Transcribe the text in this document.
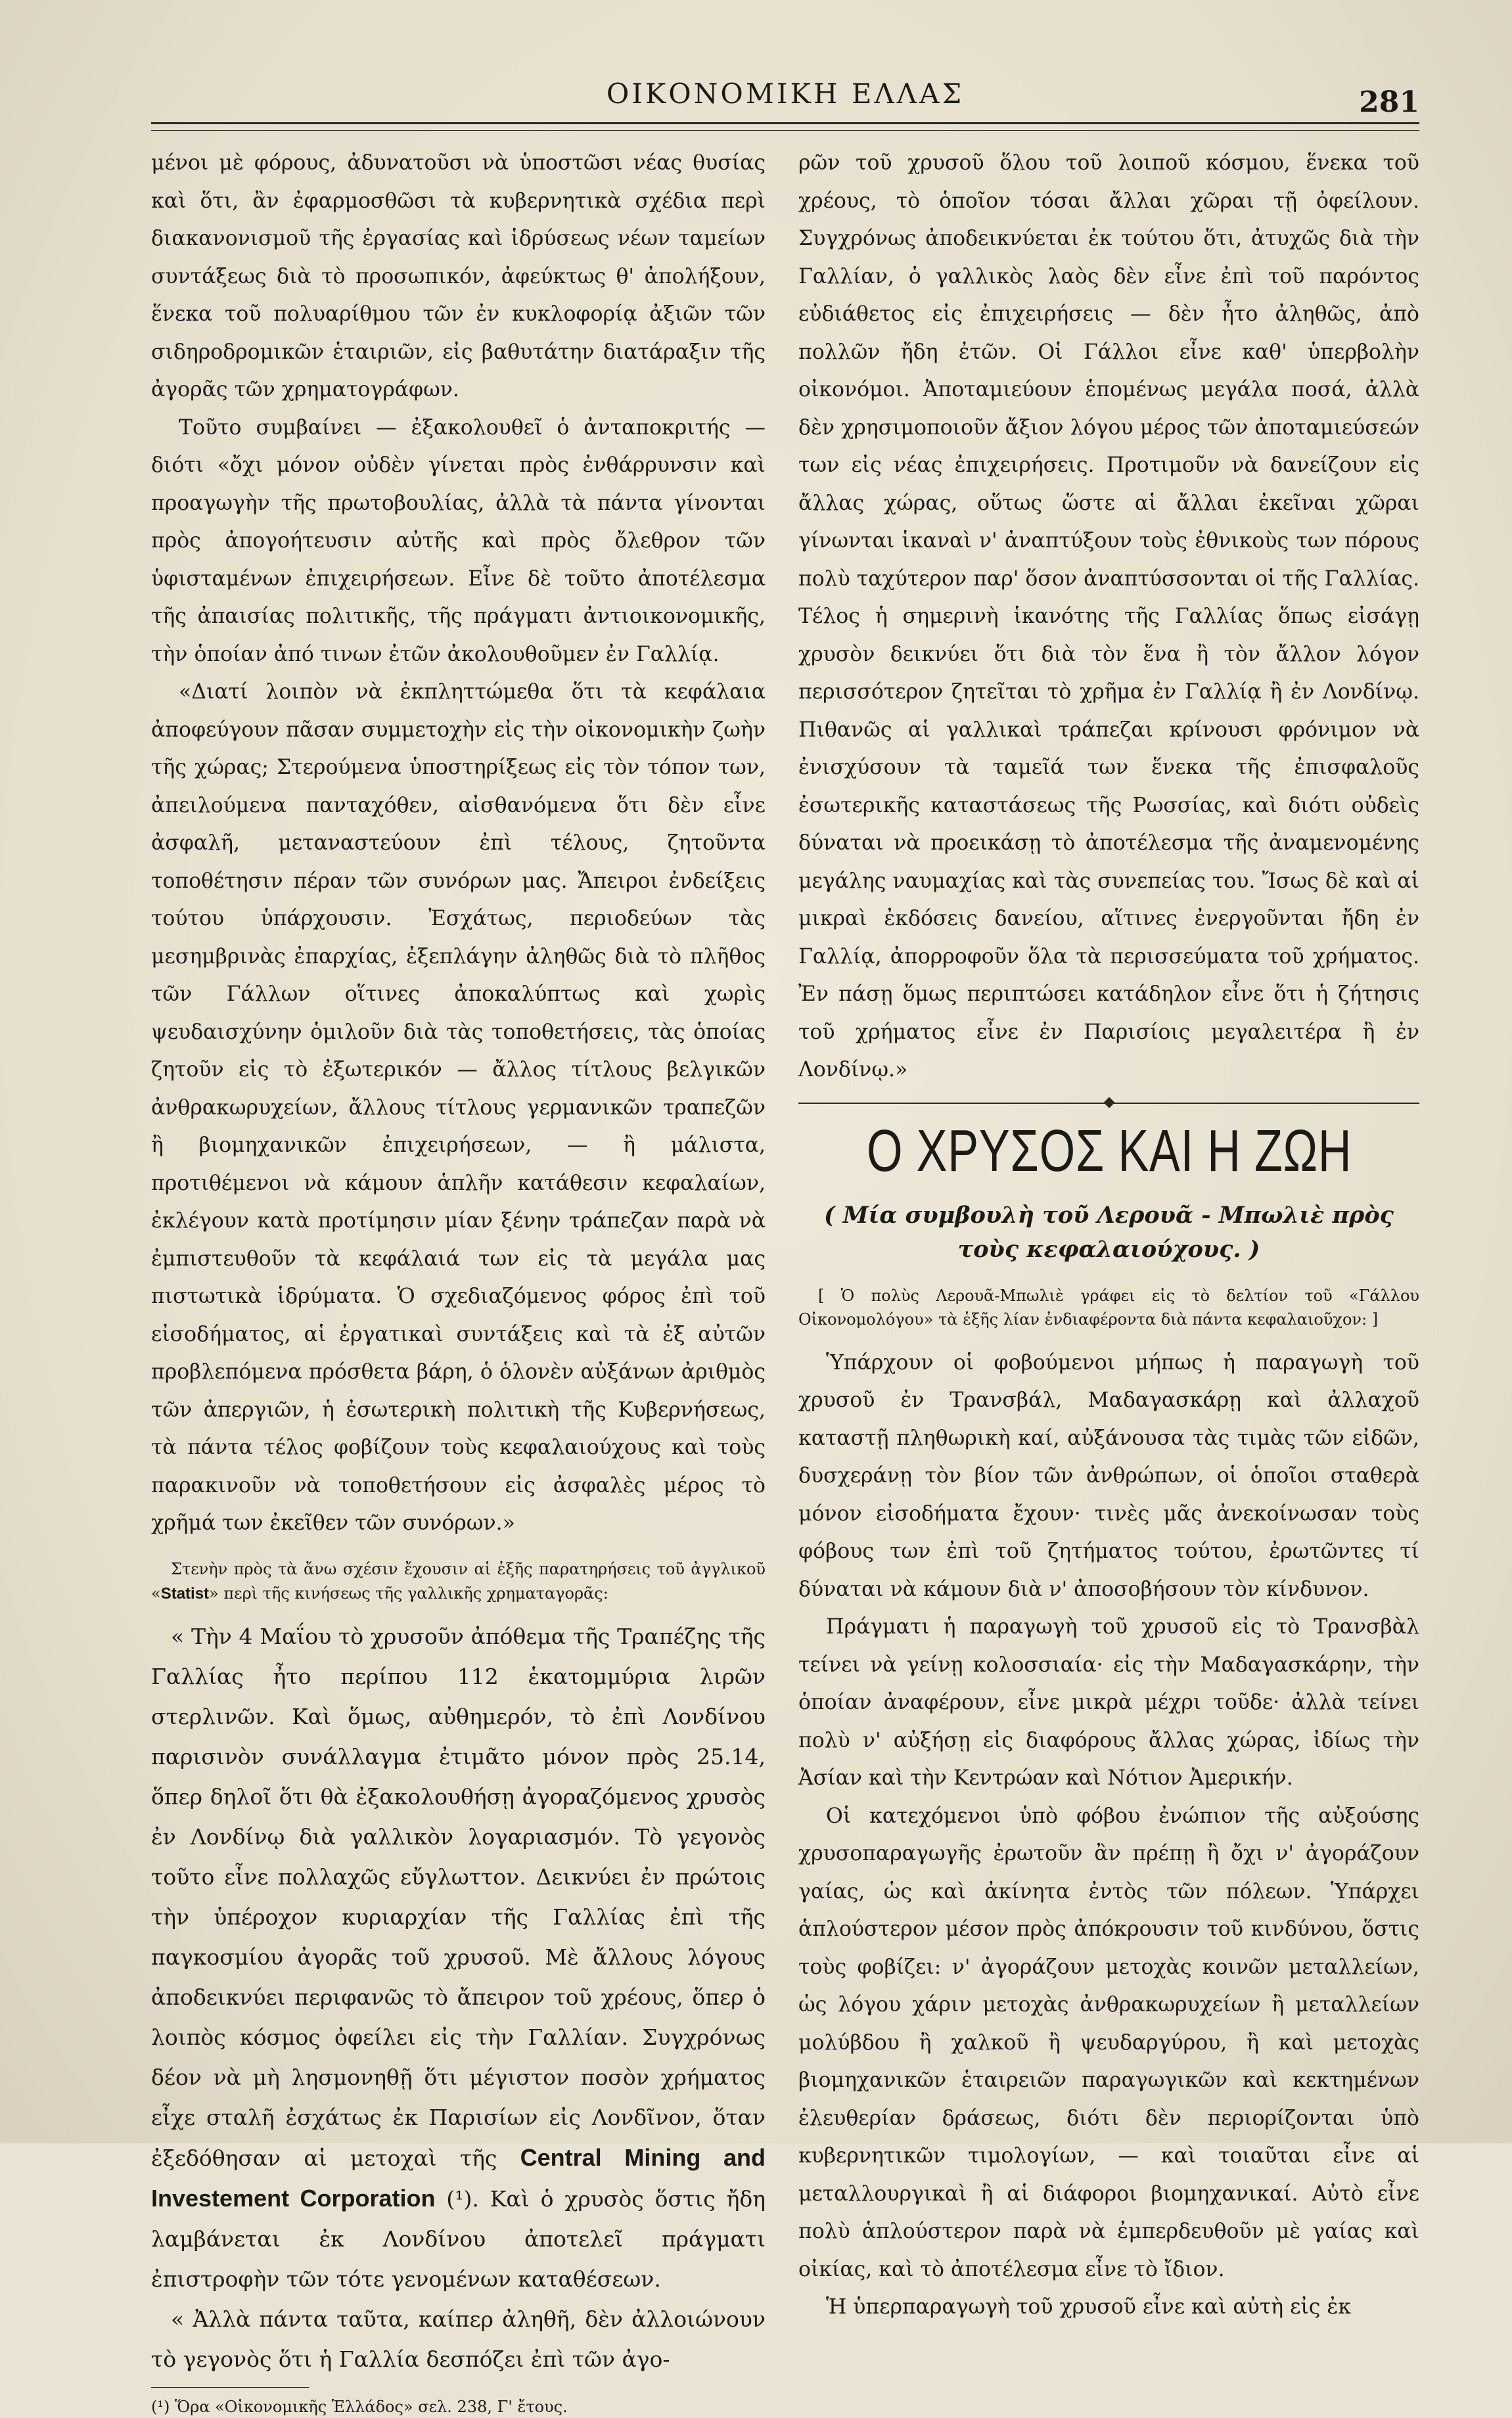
ΟΙΚΟΝΟΜΙΚΗ ΕΛΛΑΣ	281

μένοι μὲ φόρους, ἀδυνατοῦσι νὰ ὑποστῶσι νέας θυσίας καὶ ὅτι, ἂν ἐφαρμοσθῶσι τὰ κυβερνητικὰ σχέδια περὶ διακανονισμοῦ τῆς ἐργασίας καὶ ἱδρύσεως νέων ταμείων συντάξεως διὰ τὸ προσωπικόν, ἀφεύκτως θ' ἀπολήξουν, ἕνεκα τοῦ πολυαρίθμου τῶν ἐν κυκλοφορίᾳ ἀξιῶν τῶν σιδηροδρομικῶν ἑταιριῶν, εἰς βαθυτάτην διατάραξιν τῆς ἀγορᾶς τῶν χρηματογράφων.

Τοῦτο συμβαίνει — ἐξακολουθεῖ ὁ ἀνταποκριτής — διότι «ὄχι μόνον οὐδὲν γίνεται πρὸς ἐνθάρρυνσιν καὶ προαγωγὴν τῆς πρωτοβουλίας, ἀλλὰ τὰ πάντα γίνονται πρὸς ἀπογοήτευσιν αὐτῆς καὶ πρὸς ὄλεθρον τῶν ὑφισταμένων ἐπιχειρήσεων. Εἶνε δὲ τοῦτο ἀποτέλεσμα τῆς ἀπαισίας πολιτικῆς, τῆς πράγματι ἀντιοικονομικῆς, τὴν ὁποίαν ἀπό τινων ἐτῶν ἀκολουθοῦμεν ἐν Γαλλίᾳ.

«Διατί λοιπὸν νὰ ἐκπληττώμεθα ὅτι τὰ κεφάλαια ἀποφεύγουν πᾶσαν συμμετοχὴν εἰς τὴν οἰκονομικὴν ζωὴν τῆς χώρας; Στερούμενα ὑποστηρίξεως εἰς τὸν τόπον των, ἀπειλούμενα πανταχόθεν, αἰσθανόμενα ὅτι δὲν εἶνε ἀσφαλῆ, μεταναστεύουν ἐπὶ τέλους, ζητοῦντα τοποθέτησιν πέραν τῶν συνόρων μας. Ἄπειροι ἐνδείξεις τούτου ὑπάρχουσιν. Ἐσχάτως, περιοδεύων τὰς μεσημβρινὰς ἐπαρχίας, ἐξεπλάγην ἀληθῶς διὰ τὸ πλῆθος τῶν Γάλλων οἵτινες ἀποκαλύπτως καὶ χωρὶς ψευδαισχύνην ὁμιλοῦν διὰ τὰς τοποθετήσεις, τὰς ὁποίας ζητοῦν εἰς τὸ ἐξωτερικόν — ἄλλος τίτλους βελγικῶν ἀνθρακωρυχείων, ἄλλους τίτλους γερμανικῶν τραπεζῶν ἢ βιομηχανικῶν ἐπιχειρήσεων, — ἢ μάλιστα, προτιθέμενοι νὰ κάμουν ἁπλῆν κατάθεσιν κεφαλαίων, ἐκλέγουν κατὰ προτίμησιν μίαν ξένην τράπεζαν παρὰ νὰ ἐμπιστευθοῦν τὰ κεφάλαιά των εἰς τὰ μεγάλα μας πιστωτικὰ ἱδρύματα. Ὁ σχεδιαζόμενος φόρος ἐπὶ τοῦ εἰσοδήματος, αἱ ἐργατικαὶ συντάξεις καὶ τὰ ἐξ αὐτῶν προβλεπόμενα πρόσθετα βάρη, ὁ ὁλονὲν αὐξάνων ἀριθμὸς τῶν ἀπεργιῶν, ἡ ἐσωτερικὴ πολιτικὴ τῆς Κυβερνήσεως, τὰ πάντα τέλος φοβίζουν τοὺς κεφαλαιούχους καὶ τοὺς παρακινοῦν νὰ τοποθετήσουν εἰς ἀσφαλὲς μέρος τὸ χρῆμά των ἐκεῖθεν τῶν συνόρων.»

Στενὴν πρὸς τὰ ἄνω σχέσιν ἔχουσιν αἱ ἑξῆς παρατηρήσεις τοῦ ἀγγλικοῦ «Statist» περὶ τῆς κινήσεως τῆς γαλλικῆς χρηματαγορᾶς:

« Τὴν 4 Μαΐου τὸ χρυσοῦν ἀπόθεμα τῆς Τραπέζης τῆς Γαλλίας ἦτο περίπου 112 ἑκατομμύρια λιρῶν στερλινῶν. Καὶ ὅμως, αὐθημερόν, τὸ ἐπὶ Λονδίνου παρισινὸν συνάλλαγμα ἐτιμᾶτο μόνον πρὸς 25.14, ὅπερ δηλοῖ ὅτι θὰ ἐξακολουθήσῃ ἀγοραζόμενος χρυσὸς ἐν Λονδίνῳ διὰ γαλλικὸν λογαριασμόν. Τὸ γεγονὸς τοῦτο εἶνε πολλαχῶς εὔγλωττον. Δεικνύει ἐν πρώτοις τὴν ὑπέροχον κυριαρχίαν τῆς Γαλλίας ἐπὶ τῆς παγκοσμίου ἀγορᾶς τοῦ χρυσοῦ. Μὲ ἄλλους λόγους ἀποδεικνύει περιφανῶς τὸ ἄπειρον τοῦ χρέους, ὅπερ ὁ λοιπὸς κόσμος ὀφείλει εἰς τὴν Γαλλίαν. Συγχρόνως δέον νὰ μὴ λησμονηθῇ ὅτι μέγιστον ποσὸν χρήματος εἶχε σταλῆ ἐσχάτως ἐκ Παρισίων εἰς Λονδῖνον, ὅταν ἐξεδόθησαν αἱ μετοχαὶ τῆς Central Mining and Investement Corporation (¹). Καὶ ὁ χρυσὸς ὅστις ἤδη λαμβάνεται ἐκ Λονδίνου ἀποτελεῖ πράγματι ἐπιστροφὴν τῶν τότε γενομένων καταθέσεων.

« Ἀλλὰ πάντα ταῦτα, καίπερ ἀληθῆ, δὲν ἀλλοιώνουν τὸ γεγονὸς ὅτι ἡ Γαλλία δεσπόζει ἐπὶ τῶν ἀγο-

(¹) Ὅρα «Οἰκονομικῆς Ἑλλάδος» σελ. 238, Γ' ἔτους.

ρῶν τοῦ χρυσοῦ ὅλου τοῦ λοιποῦ κόσμου, ἕνεκα τοῦ χρέους, τὸ ὁποῖον τόσαι ἄλλαι χῶραι τῇ ὀφείλουν. Συγχρόνως ἀποδεικνύεται ἐκ τούτου ὅτι, ἀτυχῶς διὰ τὴν Γαλλίαν, ὁ γαλλικὸς λαὸς δὲν εἶνε ἐπὶ τοῦ παρόντος εὐδιάθετος εἰς ἐπιχειρήσεις — δὲν ἦτο ἀληθῶς, ἀπὸ πολλῶν ἤδη ἐτῶν. Οἱ Γάλλοι εἶνε καθ' ὑπερβολὴν οἰκονόμοι. Ἀποταμιεύουν ἑπομένως μεγάλα ποσά, ἀλλὰ δὲν χρησιμοποιοῦν ἄξιον λόγου μέρος τῶν ἀποταμιεύσεών των εἰς νέας ἐπιχειρήσεις. Προτιμοῦν νὰ δανείζουν εἰς ἄλλας χώρας, οὕτως ὥστε αἱ ἄλλαι ἐκεῖναι χῶραι γίνωνται ἱκαναὶ ν' ἀναπτύξουν τοὺς ἐθνικοὺς των πόρους πολὺ ταχύτερον παρ' ὅσον ἀναπτύσσονται οἱ τῆς Γαλλίας. Τέλος ἡ σημερινὴ ἱκανότης τῆς Γαλλίας ὅπως εἰσάγῃ χρυσὸν δεικνύει ὅτι διὰ τὸν ἕνα ἢ τὸν ἄλλον λόγον περισσότερον ζητεῖται τὸ χρῆμα ἐν Γαλλίᾳ ἢ ἐν Λονδίνῳ. Πιθανῶς αἱ γαλλικαὶ τράπεζαι κρίνουσι φρόνιμον νὰ ἐνισχύσουν τὰ ταμεῖά των ἕνεκα τῆς ἐπισφαλοῦς ἐσωτερικῆς καταστάσεως τῆς Ρωσσίας, καὶ διότι οὐδεὶς δύναται νὰ προεικάσῃ τὸ ἀποτέλεσμα τῆς ἀναμενομένης μεγάλης ναυμαχίας καὶ τὰς συνεπείας του. Ἴσως δὲ καὶ αἱ μικραὶ ἐκδόσεις δανείου, αἵτινες ἐνεργοῦνται ἤδη ἐν Γαλλίᾳ, ἀπορροφοῦν ὅλα τὰ περισσεύματα τοῦ χρήματος. Ἐν πάσῃ ὅμως περιπτώσει κατάδηλον εἶνε ὅτι ἡ ζήτησις τοῦ χρήματος εἶνε ἐν Παρισίοις μεγαλειτέρα ἢ ἐν Λονδίνῳ.»

Ο ΧΡΥΣΟΣ ΚΑΙ Η ΖΩΗ
( Μία συμβουλὴ τοῦ Λερουᾶ - Μπωλιὲ πρὸς τοὺς κεφαλαιούχους. )

[ Ὁ πολὺς Λερουᾶ-Μπωλιὲ γράφει εἰς τὸ δελτίον τοῦ «Γάλλου Οἰκονομολόγου» τὰ ἑξῆς λίαν ἐνδιαφέροντα διὰ πάντα κεφαλαιοῦχον: ]

Ὑπάρχουν οἱ φοβούμενοι μήπως ἡ παραγωγὴ τοῦ χρυσοῦ ἐν Τρανσβάλ, Μαδαγασκάρῃ καὶ ἀλλαχοῦ καταστῇ πληθωρικὴ καί, αὐξάνουσα τὰς τιμὰς τῶν εἰδῶν, δυσχεράνῃ τὸν βίον τῶν ἀνθρώπων, οἱ ὁποῖοι σταθερὰ μόνον εἰσοδήματα ἔχουν· τινὲς μᾶς ἀνεκοίνωσαν τοὺς φόβους των ἐπὶ τοῦ ζητήματος τούτου, ἐρωτῶντες τί δύναται νὰ κάμουν διὰ ν' ἀποσοβήσουν τὸν κίνδυνον.

Πράγματι ἡ παραγωγὴ τοῦ χρυσοῦ εἰς τὸ Τρανσβὰλ τείνει νὰ γείνῃ κολοσσιαία· εἰς τὴν Μαδαγασκάρην, τὴν ὁποίαν ἀναφέρουν, εἶνε μικρὰ μέχρι τοῦδε· ἀλλὰ τείνει πολὺ ν' αὐξήσῃ εἰς διαφόρους ἄλλας χώρας, ἰδίως τὴν Ἀσίαν καὶ τὴν Κεντρώαν καὶ Νότιον Ἀμερικήν.

Οἱ κατεχόμενοι ὑπὸ φόβου ἐνώπιον τῆς αὐξούσης χρυσοπαραγωγῆς ἐρωτοῦν ἂν πρέπῃ ἢ ὄχι ν' ἀγοράζουν γαίας, ὡς καὶ ἀκίνητα ἐντὸς τῶν πόλεων. Ὑπάρχει ἁπλούστερον μέσον πρὸς ἀπόκρουσιν τοῦ κινδύνου, ὅστις τοὺς φοβίζει: ν' ἀγοράζουν μετοχὰς κοινῶν μεταλλείων, ὡς λόγου χάριν μετοχὰς ἀνθρακωρυχείων ἢ μεταλλείων μολύβδου ἢ χαλκοῦ ἢ ψευδαργύρου, ἢ καὶ μετοχὰς βιομηχανικῶν ἑταιρειῶν παραγωγικῶν καὶ κεκτημένων ἐλευθερίαν δράσεως, διότι δὲν περιορίζονται ὑπὸ κυβερνητικῶν τιμολογίων, — καὶ τοιαῦται εἶνε αἱ μεταλλουργικαὶ ἢ αἱ διάφοροι βιομηχανικαί. Αὐτὸ εἶνε πολὺ ἁπλούστερον παρὰ νὰ ἐμπερδευθοῦν μὲ γαίας καὶ οἰκίας, καὶ τὸ ἀποτέλεσμα εἶνε τὸ ἴδιον.

Ἡ ὑπερπαραγωγὴ τοῦ χρυσοῦ εἶνε καὶ αὐτὴ εἰς ἐκ
